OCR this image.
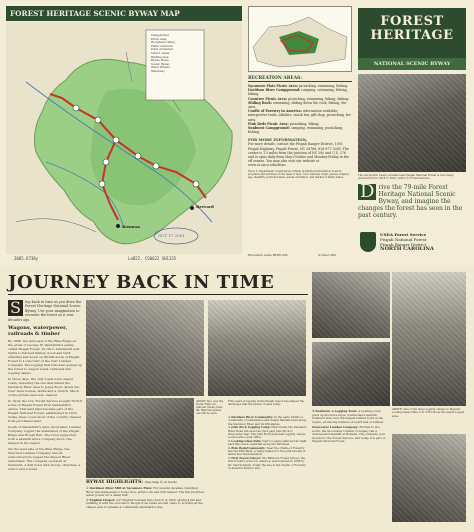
FOREST HERITAGE SCENIC BYWAY MAP
Campground
Picnic area
Horseback riding
Public restroom
Point of interest
Visitor center
Parking area
Byway Route
Scenic Byway
Other Streets
Waterway
Brevard
Rosman
OCT 17 2001
2005.6738y	LaB22, CS0622 SH1335
RECREATION AREAS:
Sycamore Flats Picnic Area: picnicking, swimming, fishing.
Davidson River Campground: camping, swimming, fishing, hiking.
Coontree Picnic Area: picnicking, swimming, hiking, fishing.
Sliding Rock: swimming, sliding down the rock, fishing, fee area.
Cradle of Forestry in America: information available, interpretive trails, exhibits, snack bar, gift shop, picnicking, fee area.
Pink Beds Picnic Area: picnicking, hiking.
Sunburst Campground: camping, swimming, picnicking, fishing.
FOR MORE INFORMATION,
For more details, contact the Pisgah Ranger District, 1001 Pisgah Highway, Pisgah Forest, NC 28768, 828-877-3265. The center is 1.5 miles from the junction of NC 280 and U.S. 276 and is open daily from May-October and Monday-Friday in the off season. You may also visit our website at www.cs.unca.edu/nfsnc.
The U.S. Department of Agriculture (USDA) prohibits discrimination in all its programs and activities on the basis of race, color, national origin, gender, religion, age, disability, political beliefs, sexual orientation, and marital or family status.
Recreation Guide R8-RG 000	October 2001
FOREST
HERITAGE
NATIONAL SCENIC BYWAY
The old-growth forest on lands near Pisgah National Forest is now being protected from 1914 to 1916, with U.S. Forest Service.
D rive the 79-mile Forest Heritage National Scenic Byway, and imagine the changes the forest has seen in the past century.
USDA Forest Service
Pisgah National Forest
Pisgah Ranger District
NORTH CAROLINA
JOURNEY BACK IN TIME
S	tep back in time as you drive the Forest Heritage National Scenic Byway. Use your imagination to recreate the forest as it was decades ago.
Wagons, waterpower, railroads & timber

By 1880, the land east of the Blue Ridge on the great of George W. Vanderbilt's estate called Pisgah Forest. In 1912, Vanderbilt sold rights to harvest timber, wood and bark standing and down on 68,000 acres of Pisgah Forest to Louis Carr of the Carr Lumber Company. The logging that followed opened up the forest to wagon roads, railroads and logging camps.

In those days, the only roads were wagon roads, including the one that linked the Davidson River area to Jones Rock. Along the river were homes, farms and a church. Much of the private land was cleared.

In 1914, the U.S. Forest Service bought 76,616 acres of Pisgah Forest from Vanderbilt's estate. This land later became part of the Pisgah National Forest, established in 1916. Today, trees cover most of the country cleared from purchased land.

South of Vanderbilt's land, Gloucester Lumber Company logged the watershed of the Pisgah Ridge and Rough Run. The town supported both a sawmill and a company store, the largest in the region.

On the west side of the Blue Ridge, the Suncrest Lumber Company and its subcontractors logged the Pigeon River watershed. The company operated at Sunburst, a mill town with stores, churches, a school and a hotel.

ABOVE: Boy, now the Rocky Flats old railroad tracks, train fill. Railroad grades can still be seen.
Fifty years of logging in the Pisgah region has shaped the landscape that the byway crosses today.
BYWAY HIGHLIGHTS: (See map ④ on back)
① Davidson River Mill at Sycamore Flats: For several decades, Davidson River was harnessed to forge iron, grind corn and mill lumber. The flat provided water power for a small mill.
② English Chapel: A.F. English founded this church in 1860, giving $100 and building it with his own labor. People from miles around came to worship at the chapel, and it remains a community landmark today.
③ Davidson River Community: In the early 1900's, a community of subsistence and tenant families lived along the Davidson River and its tributaries.
④ John Rock Logging Camp: Historically, the Davidson River Road followed the river past John Rock to Gloucester Gap. The John Rock area held logging camps, a store and a post office.
⑤ Looking Glass Falls: Carr's logging railroad ran right past this scenic waterfall along the Davidson.
⑥ Pink Beds/Community: Near the Cradle of Forestry lies the Pink Beds, a valley named for the pink blooms of laurel and rhododendron.
⑦ First Forest School: The Biltmore Forest School, the first forestry school in America, was founded in 1898 by Dr. Carl Schenck. Today the site is the Cradle of Forestry in America historic site.
ABOVE: One of the large logging camps on Pisgah's Looking Glass Falls; U.S. 276 follows the nearly logged area.
⑧ Sunburst, a Logging Town: A bustling town grew up around a large, double-band sawmill. Sunburst was once the largest lumber town in the region, producing millions of board feet of lumber.
Gloucester Lumber Company: Further to the south, the Gloucester Lumber Company ran a double-band sawmill at Rosman. The company sold its land to the Forest Service, and today it is part of Pisgah National Forest.
